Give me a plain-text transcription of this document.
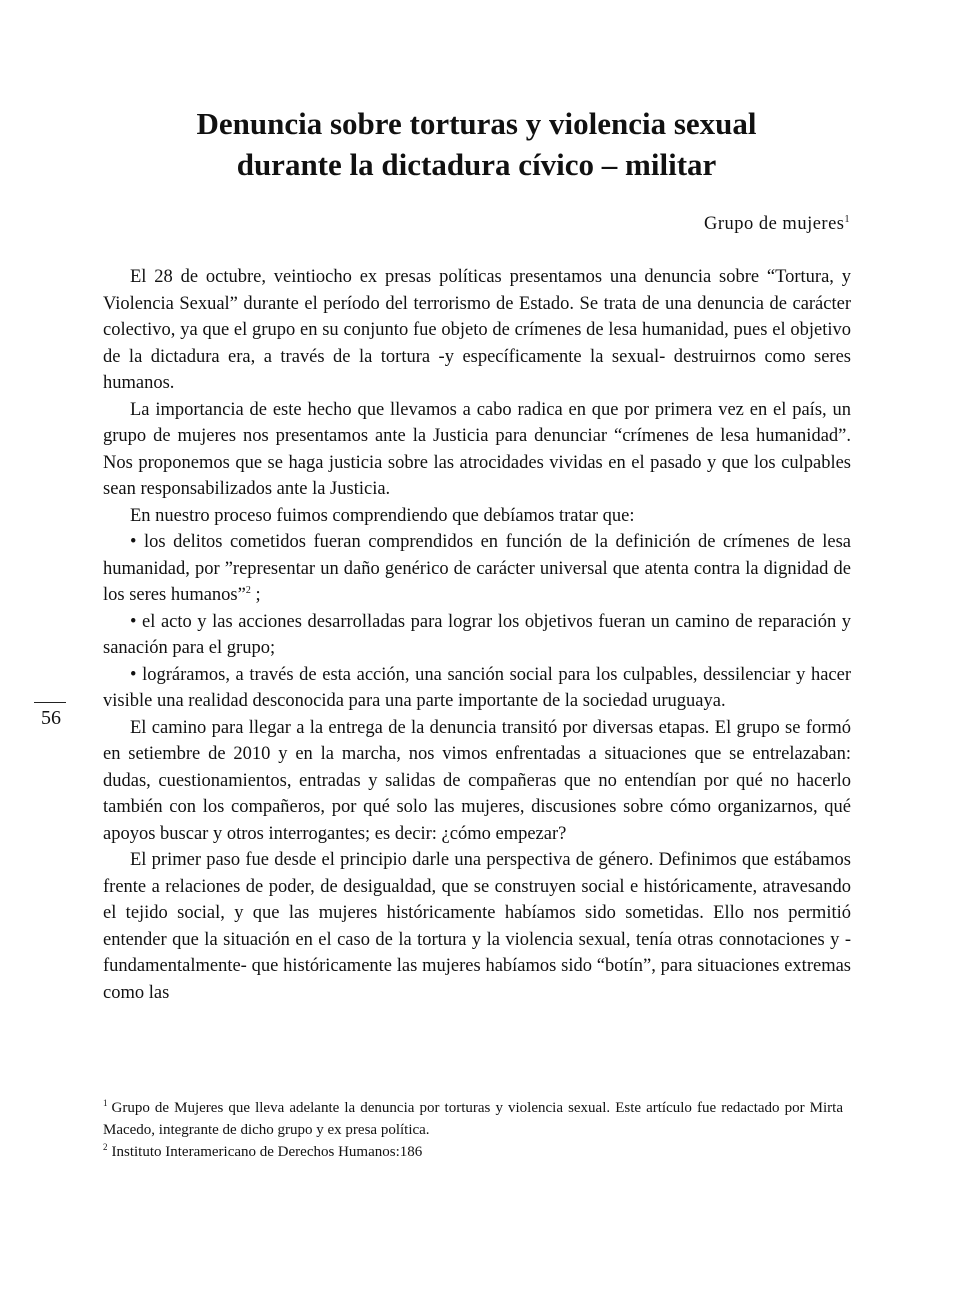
Denuncia sobre torturas y violencia sexual
durante la dictadura cívico – militar
Grupo de mujeres$^1$

El 28 de octubre, veintiocho ex presas políticas presentamos una denuncia sobre “Tortura, y Violencia Sexual” durante el período del terrorismo de Estado. Se trata de una denuncia de carácter colectivo, ya que el grupo en su conjunto fue objeto de crímenes de lesa humanidad, pues el objetivo de la dictadura era, a través de la tortura -y específicamente la sexual- destruirnos como seres humanos.

La importancia de este hecho que llevamos a cabo radica en que por primera vez en el país, un grupo de mujeres nos presentamos ante la Justicia para denunciar “crímenes de lesa humanidad”. Nos proponemos que se haga justicia sobre las atrocidades vividas en el pasado y que los culpables sean responsabilizados ante la Justicia.

En nuestro proceso fuimos comprendiendo que debíamos tratar que:

• los delitos cometidos fueran comprendidos en función de la definición de crímenes de lesa humanidad, por ”representar un daño genérico de carácter universal que atenta contra la dignidad de los seres humanos”$^2$ ;

• el acto y las acciones desarrolladas para lograr los objetivos fueran un camino de reparación y sanación para el grupo;

• lográramos, a través de esta acción, una sanción social para los culpables, dessilenciar y hacer visible una realidad desconocida para una parte importante de la sociedad uruguaya.

El camino para llegar a la entrega de la denuncia transitó por diversas etapas. El grupo se formó en setiembre de 2010 y en la marcha, nos vimos enfrentadas a situaciones que se entrelazaban: dudas, cuestionamientos, entradas y salidas de compañeras que no entendían por qué no hacerlo también con los compañeros, por qué solo las mujeres, discusiones sobre cómo organizarnos, qué apoyos buscar y otros interrogantes; es decir: ¿cómo empezar?

El primer paso fue desde el principio darle una perspectiva de género. Definimos que estábamos frente a relaciones de poder, de desigualdad, que se construyen social e históricamente, atravesando el tejido social, y que las mujeres históricamente habíamos sido sometidas. Ello nos permitió entender que la situación en el caso de la tortura y la violencia sexual, tenía otras connotaciones y -fundamentalmente- que históricamente las mujeres habíamos sido “botín”, para situaciones extremas como las

56

$^1$ Grupo de Mujeres que lleva adelante la denuncia por torturas y violencia sexual. Este artículo fue redactado por Mirta Macedo, integrante de dicho grupo y ex presa política.

$^2$ Instituto Interamericano de Derechos Humanos:186
